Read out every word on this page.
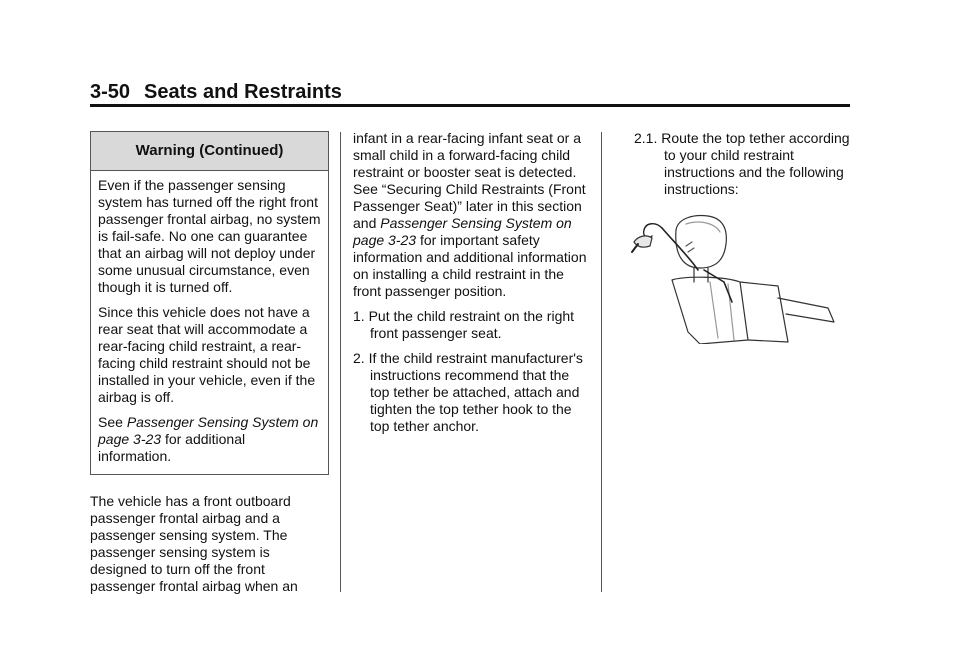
3-50 Seats and Restraints
Warning (Continued)

Even if the passenger sensing system has turned off the right front passenger frontal airbag, no system is fail-safe. No one can guarantee that an airbag will not deploy under some unusual circumstance, even though it is turned off.

Since this vehicle does not have a rear seat that will accommodate a rear-facing child restraint, a rear-facing child restraint should not be installed in your vehicle, even if the airbag is off.

See Passenger Sensing System on page 3-23 for additional information.

The vehicle has a front outboard passenger frontal airbag and a passenger sensing system. The passenger sensing system is designed to turn off the front passenger frontal airbag when an

infant in a rear-facing infant seat or a small child in a forward-facing child restraint or booster seat is detected. See “Securing Child Restraints (Front Passenger Seat)” later in this section and Passenger Sensing System on page 3-23 for important safety information and additional information on installing a child restraint in the front passenger position.

1. Put the child restraint on the right front passenger seat.
2. If the child restraint manufacturer's instructions recommend that the top tether be attached, attach and tighten the top tether hook to the top tether anchor.
2.1. Route the top tether according to your child restraint instructions and the following instructions:
